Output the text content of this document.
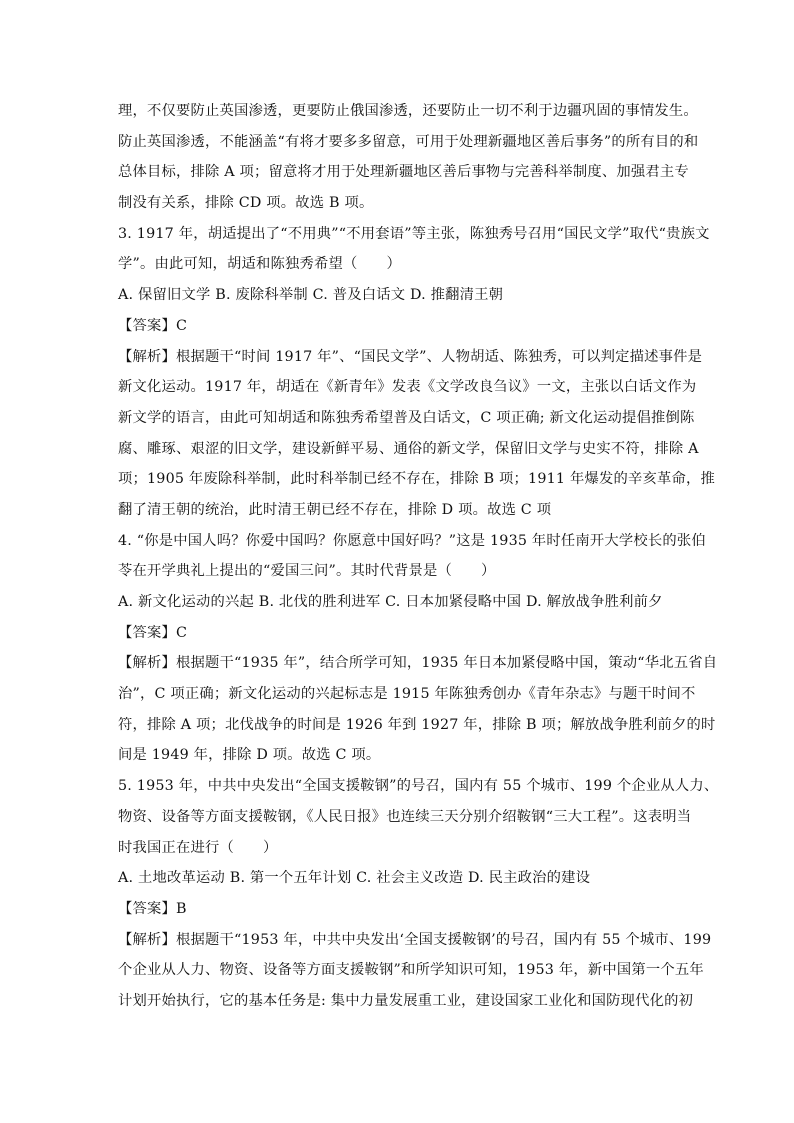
理，不仅要防止英国渗透，更要防止俄国渗透，还要防止一切不利于边疆巩固的事情发生。
防止英国渗透，不能涵盖“有将才要多多留意，可用于处理新疆地区善后事务”的所有目的和
总体目标，排除 A 项；留意将才用于处理新疆地区善后事物与完善科举制度、加强君主专
制没有关系，排除 CD 项。故选 B 项。
3. 1917 年，胡适提出了“不用典”“不用套语”等主张，陈独秀号召用“国民文学”取代“贵族文
学”。由此可知，胡适和陈独秀希望（　　）
A. 保留旧文学 B. 废除科举制 C. 普及白话文 D. 推翻清王朝
【答案】C
【解析】根据题干“时间 1917 年”、“国民文学”、人物胡适、陈独秀，可以判定描述事件是
新文化运动。1917 年，胡适在《新青年》发表《文学改良刍议》一文，主张以白话文作为
新文学的语言，由此可知胡适和陈独秀希望普及白话文，C 项正确; 新文化运动提倡推倒陈
腐、雕琢、艰涩的旧文学，建设新鲜平易、通俗的新文学，保留旧文学与史实不符，排除 A
项；1905 年废除科举制，此时科举制已经不存在，排除 B 项；1911 年爆发的辛亥革命，推
翻了清王朝的统治，此时清王朝已经不存在，排除 D 项。故选 C 项
4. “你是中国人吗？你爱中国吗？你愿意中国好吗？”这是 1935 年时任南开大学校长的张伯
苓在开学典礼上提出的“爱国三问”。其时代背景是（　　）
A. 新文化运动的兴起 B. 北伐的胜利进军 C. 日本加紧侵略中国 D. 解放战争胜利前夕
【答案】C
【解析】根据题干“1935 年”，结合所学可知，1935 年日本加紧侵略中国，策动“华北五省自
治”，C 项正确；新文化运动的兴起标志是 1915 年陈独秀创办《青年杂志》与题干时间不
符，排除 A 项；北伐战争的时间是 1926 年到 1927 年，排除 B 项；解放战争胜利前夕的时
间是 1949 年，排除 D 项。故选 C 项。
5. 1953 年，中共中央发出“全国支援鞍钢”的号召，国内有 55 个城市、199 个企业从人力、
物资、设备等方面支援鞍钢，《人民日报》也连续三天分别介绍鞍钢“三大工程”。这表明当
时我国正在进行（　　）
A. 土地改革运动 B. 第一个五年计划 C. 社会主义改造 D. 民主政治的建设
【答案】B
【解析】根据题干“1953 年，中共中央发出‘全国支援鞍钢’的号召，国内有 55 个城市、199
个企业从人力、物资、设备等方面支援鞍钢”和所学知识可知，1953 年，新中国第一个五年
计划开始执行，它的基本任务是: 集中力量发展重工业，建设国家工业化和国防现代化的初
